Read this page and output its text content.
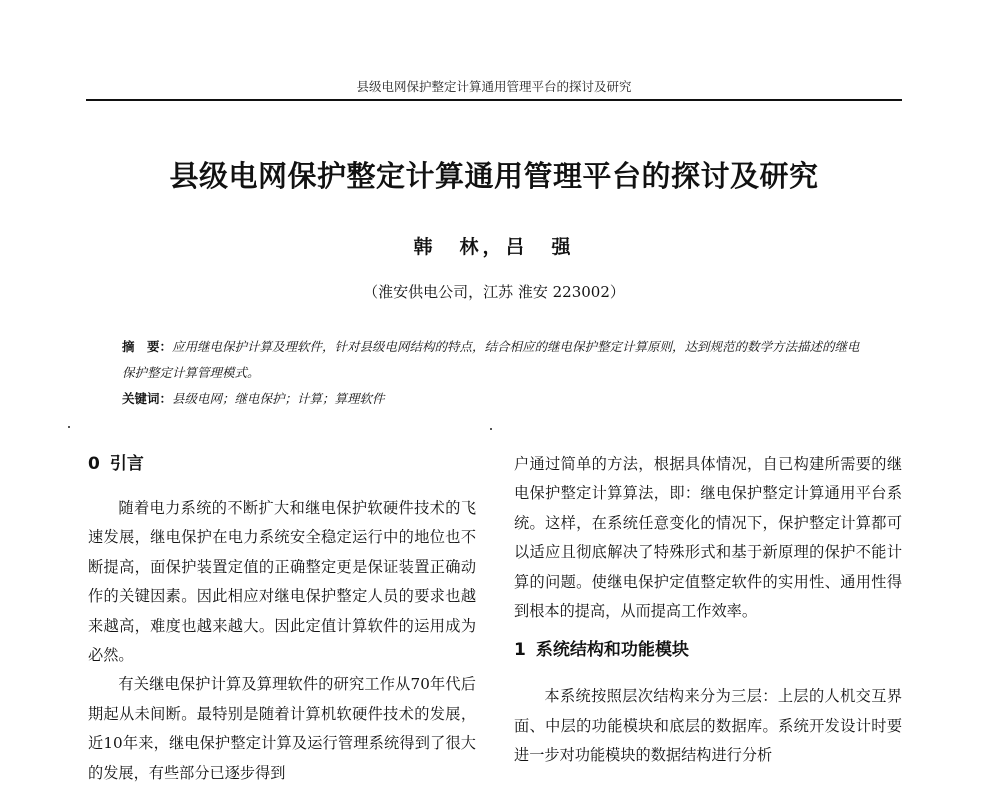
县级电网保护整定计算通用管理平台的探讨及研究
县级电网保护整定计算通用管理平台的探讨及研究
韩　林，吕　强
（淮安供电公司，江苏 淮安 223002）

摘　要：应用继电保护计算及理软件，针对县级电网结构的特点，结合相应的继电保护整定计算原则，达到规范的数学方法描述的继电保护整定计算管理模式。

关键词：县级电网；继电保护；计算；算理软件

0 引言

随着电力系统的不断扩大和继电保护软硬件技术的飞速发展，继电保护在电力系统安全稳定运行中的地位也不断提高，面保护装置定值的正确整定更是保证装置正确动作的关键因素。因此相应对继电保护整定人员的要求也越来越高，难度也越来越大。因此定值计算软件的运用成为必然。

有关继电保护计算及算理软件的研究工作从70年代后期起从未间断。最特别是随着计算机软硬件技术的发展，近10年来，继电保护整定计算及运行管理系统得到了很大的发展，有些部分已逐步得到

户通过简单的方法，根据具体情况，自已构建所需要的继电保护整定计算算法，即：继电保护整定计算通用平台系统。这样，在系统任意变化的情况下，保护整定计算都可以适应且彻底解决了特殊形式和基于新原理的保护不能计算的问题。使继电保护定值整定软件的实用性、通用性得到根本的提高，从而提高工作效率。

1 系统结构和功能模块

本系统按照层次结构来分为三层：上层的人机交互界面、中层的功能模块和底层的数据库。系统开发设计时要进一步对功能模块的数据结构进行分析
